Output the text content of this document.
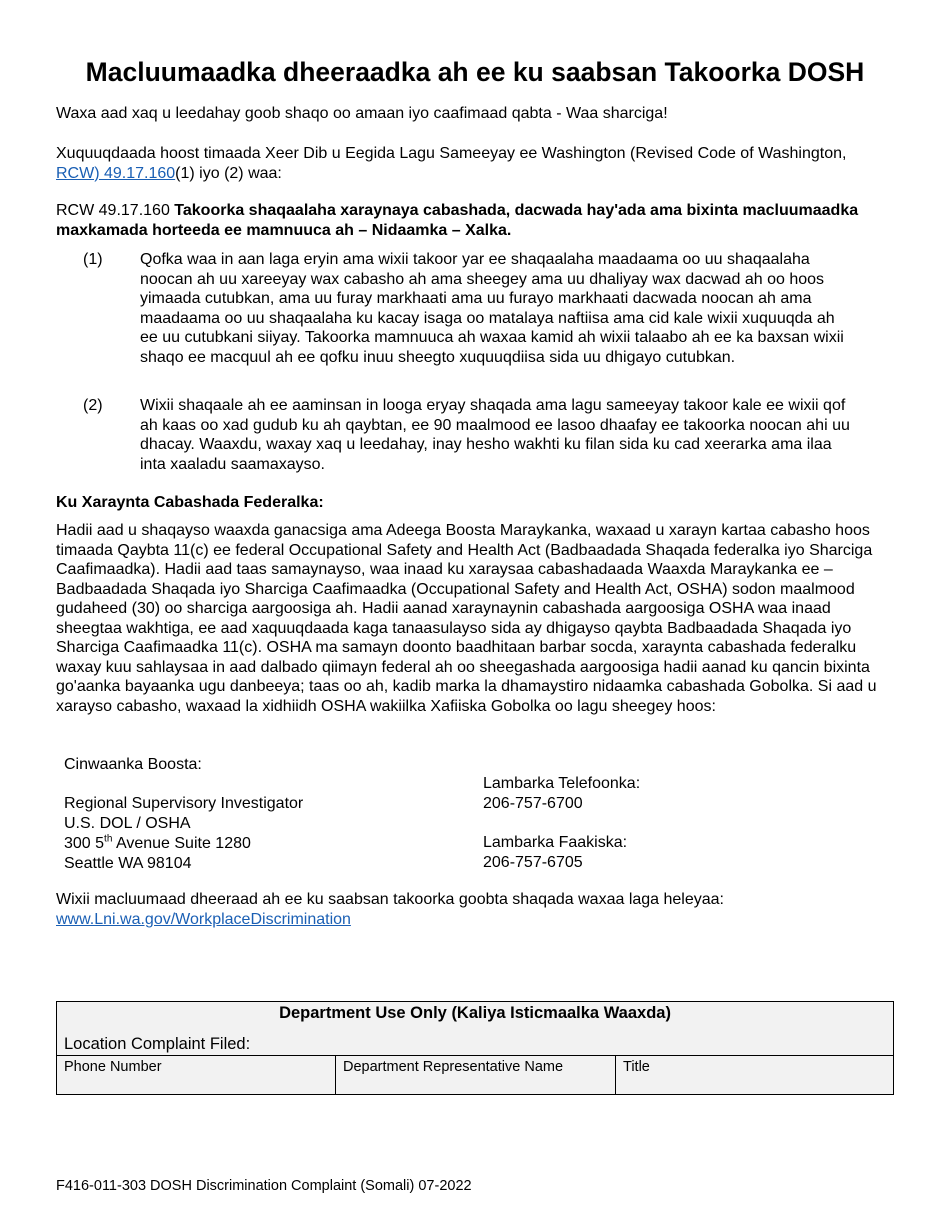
Macluumaadka dheeraadka ah ee ku saabsan Takoorka DOSH

Waxa aad xaq u leedahay goob shaqo oo amaan iyo caafimaad qabta - Waa sharciga!

Xuquuqdaada hoost timaada Xeer Dib u Eegida Lagu Sameeyay ee Washington (Revised Code of Washington, RCW) 49.17.160(1) iyo (2) waa:

RCW 49.17.160 Takoorka shaqaalaha xaraynaya cabashada, dacwada hay'ada ama bixinta macluumaadka maxkamada horteeda ee mamnuuca ah – Nidaamka – Xalka.

(1) Qofka waa in aan laga eryin ama wixii takoor yar ee shaqaalaha maadaama oo uu shaqaalaha noocan ah uu xareeyay wax cabasho ah ama sheegey ama uu dhaliyay wax dacwad ah oo hoos yimaada cutubkan, ama uu furay markhaati ama uu furayo markhaati dacwada noocan ah ama maadaama oo uu shaqaalaha ku kacay isaga oo matalaya naftiisa ama cid kale wixii xuquuqda ah ee uu cutubkani siiyay. Takoorka mamnuuca ah waxaa kamid ah wixii talaabo ah ee ka baxsan wixii shaqo ee macquul ah ee qofku inuu sheegto xuquuqdiisa sida uu dhigayo cutubkan.
(2) Wixii shaqaale ah ee aaminsan in looga eryay shaqada ama lagu sameeyay takoor kale ee wixii qof ah kaas oo xad gudub ku ah qaybtan, ee 90 maalmood ee lasoo dhaafay ee takoorka noocan ahi uu dhacay. Waaxdu, waxay xaq u leedahay, inay hesho wakhti ku filan sida ku cad xeerarka ama ilaa inta xaaladu saamaxayso.

Ku Xaraynta Cabashada Federalka:

Hadii aad u shaqayso waaxda ganacsiga ama Adeega Boosta Maraykanka, waxaad u xarayn kartaa cabasho hoos timaada Qaybta 11(c) ee federal Occupational Safety and Health Act (Badbaadada Shaqada federalka iyo Sharciga Caafimaadka). Hadii aad taas samaynayso, waa inaad ku xaraysaa cabashadaada Waaxda Maraykanka ee – Badbaadada Shaqada iyo Sharciga Caafimaadka (Occupational Safety and Health Act, OSHA) sodon maalmood gudaheed (30) oo sharciga aargoosiga ah. Hadii aanad xaraynaynin cabashada aargoosiga OSHA waa inaad sheegtaa wakhtiga, ee aad xaquuqdaada kaga tanaasulayso sida ay dhigayso qaybta Badbaadada Shaqada iyo Sharciga Caafimaadka 11(c). OSHA ma samayn doonto baadhitaan barbar socda, xaraynta cabashada federalku waxay kuu sahlaysaa in aad dalbado qiimayn federal ah oo sheegashada aargoosiga hadii aanad ku qancin bixinta go'aanka bayaanka ugu danbeeya; taas oo ah, kadib marka la dhamaystiro nidaamka cabashada Gobolka. Si aad u xarayso cabasho, waxaad la xidhiidh OSHA wakiilka Xafiiska Gobolka oo lagu sheegey hoos:

Cinwaanka Boosta:

Regional Supervisory Investigator
U.S. DOL / OSHA
300 5th Avenue Suite 1280
Seattle WA 98104
Lambarka Telefoonka:
206-757-6700

Lambarka Faakiska:
206-757-6705

Wixii macluumaad dheeraad ah ee ku saabsan takoorka goobta shaqada waxaa laga heleyaa:
www.Lni.wa.gov/WorkplaceDiscrimination

Department Use Only (Kaliya Isticmaalka Waaxda)
Location Complaint Filed:
Phone Number	Department Representative Name	Title
F416-011-303 DOSH Discrimination Complaint (Somali) 07-2022
